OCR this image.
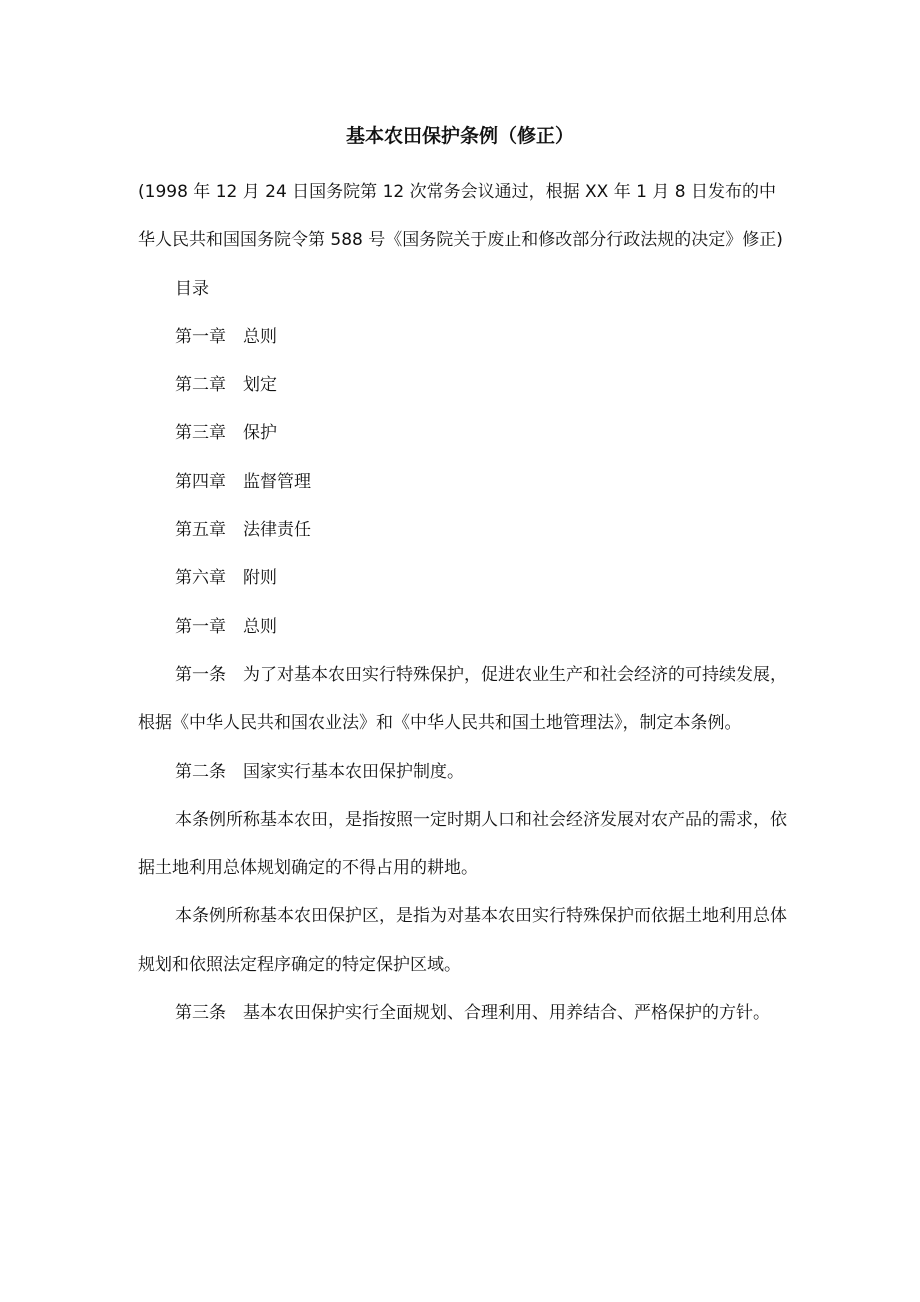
基本农田保护条例（修正）

(1998 年 12 月 24 日国务院第 12 次常务会议通过，根据 XX 年 1 月 8 日发布的中华人民共和国国务院令第 588 号《国务院关于废止和修改部分行政法规的决定》修正)

目录

第一章 总则

第二章 划定

第三章 保护

第四章 监督管理

第五章 法律责任

第六章 附则

第一章 总则

第一条 为了对基本农田实行特殊保护，促进农业生产和社会经济的可持续发展，根据《中华人民共和国农业法》和《中华人民共和国土地管理法》，制定本条例。

第二条 国家实行基本农田保护制度。

本条例所称基本农田，是指按照一定时期人口和社会经济发展对农产品的需求，依据土地利用总体规划确定的不得占用的耕地。

本条例所称基本农田保护区，是指为对基本农田实行特殊保护而依据土地利用总体规划和依照法定程序确定的特定保护区域。

第三条 基本农田保护实行全面规划、合理利用、用养结合、严格保护的方针。
